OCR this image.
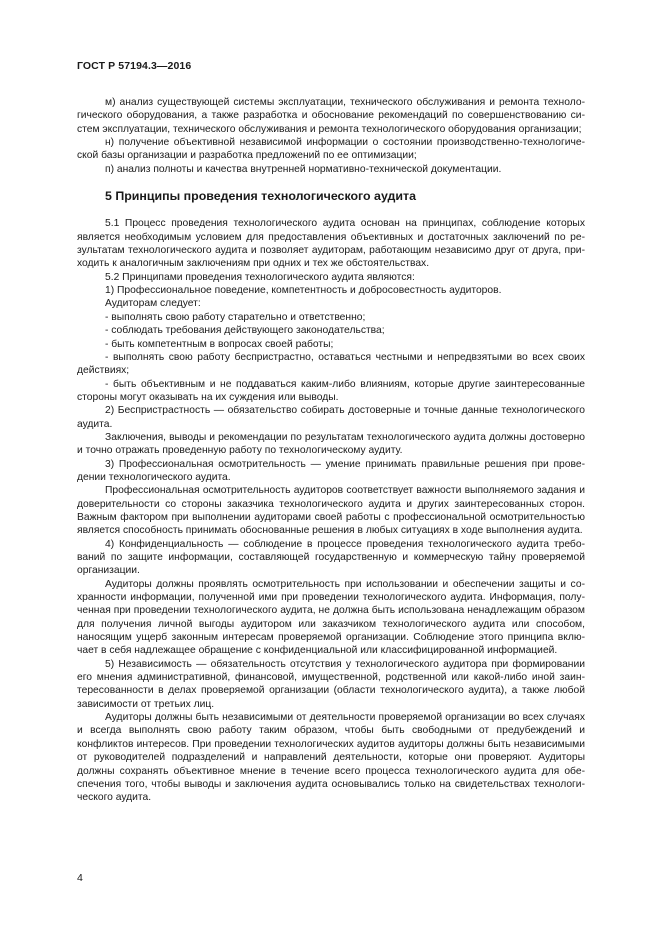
ГОСТ Р 57194.3—2016

м) анализ существующей системы эксплуатации, технического обслуживания и ремонта технологического оборудования, а также разработка и обоснование рекомендаций по совершенствованию систем эксплуатации, технического обслуживания и ремонта технологического оборудования организации;

н) получение объективной независимой информации о состоянии производственно-технологической базы организации и разработка предложений по ее оптимизации;

п) анализ полноты и качества внутренней нормативно-технической документации.

5 Принципы проведения технологического аудита

5.1 Процесс проведения технологического аудита основан на принципах, соблюдение которых является необходимым условием для предоставления объективных и достаточных заключений по результатам технологического аудита и позволяет аудиторам, работающим независимо друг от друга, приходить к аналогичным заключениям при одних и тех же обстоятельствах.

5.2 Принципами проведения технологического аудита являются:

1) Профессиональное поведение, компетентность и добросовестность аудиторов.

Аудиторам следует:

- выполнять свою работу старательно и ответственно;

- соблюдать требования действующего законодательства;

- быть компетентным в вопросах своей работы;

- выполнять свою работу беспристрастно, оставаться честными и непредвзятыми во всех своих действиях;

- быть объективным и не поддаваться каким-либо влияниям, которые другие заинтересованные стороны могут оказывать на их суждения или выводы.

2) Беспристрастность — обязательство собирать достоверные и точные данные технологического аудита.

Заключения, выводы и рекомендации по результатам технологического аудита должны достоверно и точно отражать проведенную работу по технологическому аудиту.

3) Профессиональная осмотрительность — умение принимать правильные решения при проведении технологического аудита.

Профессиональная осмотрительность аудиторов соответствует важности выполняемого задания и доверительности со стороны заказчика технологического аудита и других заинтересованных сторон. Важным фактором при выполнении аудиторами своей работы с профессиональной осмотрительностью является способность принимать обоснованные решения в любых ситуациях в ходе выполнения аудита.

4) Конфиденциальность — соблюдение в процессе проведения технологического аудита требований по защите информации, составляющей государственную и коммерческую тайну проверяемой организации.

Аудиторы должны проявлять осмотрительность при использовании и обеспечении защиты и сохранности информации, полученной ими при проведении технологического аудита. Информация, полученная при проведении технологического аудита, не должна быть использована ненадлежащим образом для получения личной выгоды аудитором или заказчиком технологического аудита или способом, наносящим ущерб законным интересам проверяемой организации. Соблюдение этого принципа включает в себя надлежащее обращение с конфиденциальной или классифицированной информацией.

5) Независимость — обязательность отсутствия у технологического аудитора при формировании его мнения административной, финансовой, имущественной, родственной или какой-либо иной заинтересованности в делах проверяемой организации (области технологического аудита), а также любой зависимости от третьих лиц.

Аудиторы должны быть независимыми от деятельности проверяемой организации во всех случаях и всегда выполнять свою работу таким образом, чтобы быть свободными от предубеждений и конфликтов интересов. При проведении технологических аудитов аудиторы должны быть независимыми от руководителей подразделений и направлений деятельности, которые они проверяют. Аудиторы должны сохранять объективное мнение в течение всего процесса технологического аудита для обеспечения того, чтобы выводы и заключения аудита основывались только на свидетельствах технологического аудита.

4
